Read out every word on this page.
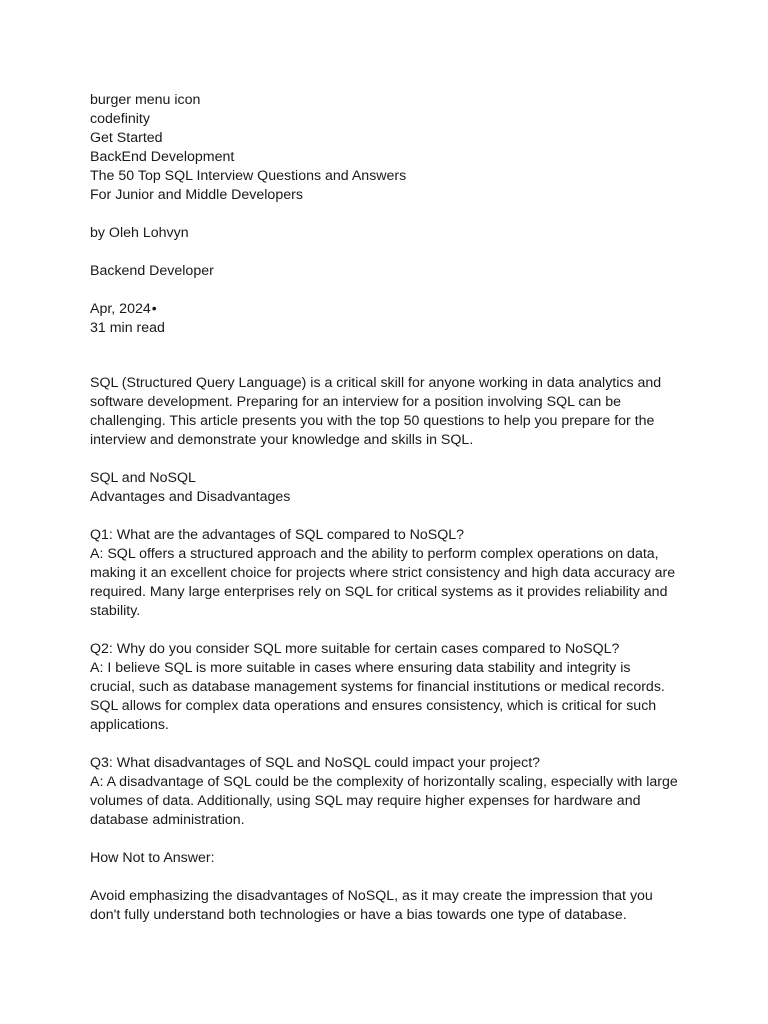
burger menu icon
codefinity
Get Started
BackEnd Development
The 50 Top SQL Interview Questions and Answers
For Junior and Middle Developers
by Oleh Lohvyn
Backend Developer
Apr, 2024•
31 min read

SQL (Structured Query Language) is a critical skill for anyone working in data analytics and software development. Preparing for an interview for a position involving SQL can be challenging. This article presents you with the top 50 questions to help you prepare for the interview and demonstrate your knowledge and skills in SQL.

SQL and NoSQL
Advantages and Disadvantages
Q1: What are the advantages of SQL compared to NoSQL?

A: SQL offers a structured approach and the ability to perform complex operations on data, making it an excellent choice for projects where strict consistency and high data accuracy are required. Many large enterprises rely on SQL for critical systems as it provides reliability and stability.

Q2: Why do you consider SQL more suitable for certain cases compared to NoSQL?

A: I believe SQL is more suitable in cases where ensuring data stability and integrity is crucial, such as database management systems for financial institutions or medical records. SQL allows for complex data operations and ensures consistency, which is critical for such applications.

Q3: What disadvantages of SQL and NoSQL could impact your project?

A: A disadvantage of SQL could be the complexity of horizontally scaling, especially with large volumes of data. Additionally, using SQL may require higher expenses for hardware and database administration.

How Not to Answer:

Avoid emphasizing the disadvantages of NoSQL, as it may create the impression that you don't fully understand both technologies or have a bias towards one type of database.
